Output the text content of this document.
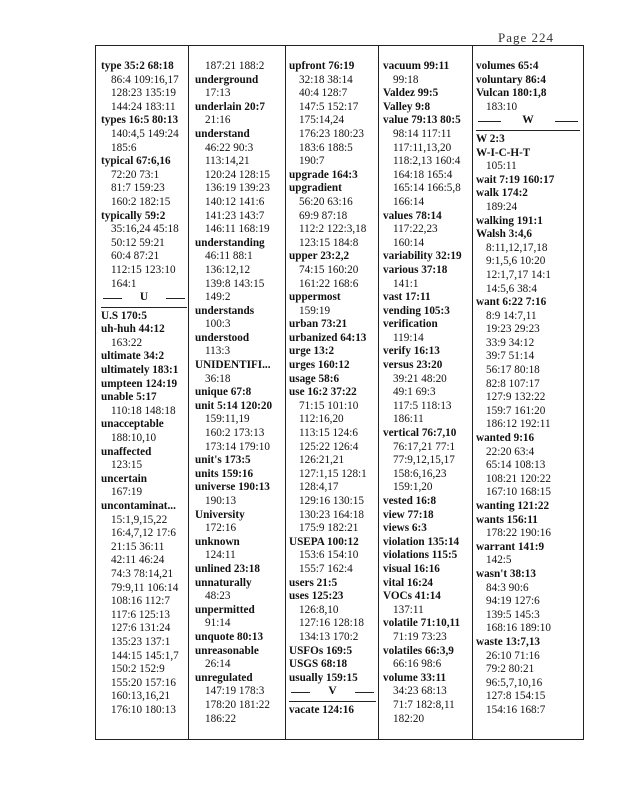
Page 224
type 35:2 68:18
86:4 109:16,17
128:23 135:19
144:24 183:11
types 16:5 80:13
140:4,5 149:24
185:6
typical 67:6,16
72:20 73:1
81:7 159:23
160:2 182:15
typically 59:2
35:16,24 45:18
50:12 59:21
60:4 87:21
112:15 123:10
164:1
U
U.S 170:5
uh-huh 44:12
163:22
ultimate 34:2
ultimately 183:1
umpteen 124:19
unable 5:17
110:18 148:18
unacceptable
188:10,10
unaffected
123:15
uncertain
167:19
uncontaminat...
15:1,9,15,22
16:4,7,12 17:6
21:15 36:11
42:11 46:24
74:3 78:14,21
79:9,11 106:14
108:16 112:7
117:6 125:13
127:6 131:24
135:23 137:1
144:15 145:1,7
150:2 152:9
155:20 157:16
160:13,16,21
176:10 180:13
187:21 188:2
underground
17:13
underlain 20:7
21:16
understand
46:22 90:3
113:14,21
120:24 128:15
136:19 139:23
140:12 141:6
141:23 143:7
146:11 168:19
understanding
46:11 88:1
136:12,12
139:8 143:15
149:2
understands
100:3
understood
113:3
UNIDENTIFI...
36:18
unique 67:8
unit 5:14 120:20
159:11,19
160:2 173:13
173:14 179:10
unit's 173:5
units 159:16
universe 190:13
190:13
University
172:16
unknown
124:11
unlined 23:18
unnaturally
48:23
unpermitted
91:14
unquote 80:13
unreasonable
26:14
unregulated
147:19 178:3
178:20 181:22
186:22
upfront 76:19
32:18 38:14
40:4 128:7
147:5 152:17
175:14,24
176:23 180:23
183:6 188:5
190:7
upgrade 164:3
upgradient
56:20 63:16
69:9 87:18
112:2 122:3,18
123:15 184:8
upper 23:2,2
74:15 160:20
161:22 168:6
uppermost
159:19
urban 73:21
urbanized 64:13
urge 13:2
urges 160:12
usage 58:6
use 16:2 37:22
71:15 101:10
112:16,20
113:15 124:6
125:22 126:4
126:21,21
127:1,15 128:1
128:4,17
129:16 130:15
130:23 164:18
175:9 182:21
USEPA 100:12
153:6 154:10
155:7 162:4
users 21:5
uses 125:23
126:8,10
127:16 128:18
134:13 170:2
USFOs 169:5
USGS 68:18
usually 159:15
V
vacate 124:16
vacuum 99:11
99:18
Valdez 99:5
Valley 9:8
value 79:13 80:5
98:14 117:11
117:11,13,20
118:2,13 160:4
164:18 165:4
165:14 166:5,8
166:14
values 78:14
117:22,23
160:14
variability 32:19
various 37:18
141:1
vast 17:11
vending 105:3
verification
119:14
verify 16:13
versus 23:20
39:21 48:20
49:1 69:3
117:5 118:13
186:11
vertical 76:7,10
76:17,21 77:1
77:9,12,15,17
158:6,16,23
159:1,20
vested 16:8
view 77:18
views 6:3
violation 135:14
violations 115:5
visual 16:16
vital 16:24
VOCs 41:14
137:11
volatile 71:10,11
71:19 73:23
volatiles 66:3,9
66:16 98:6
volume 33:11
34:23 68:13
71:7 182:8,11
182:20
volumes 65:4
voluntary 86:4
Vulcan 180:1,8
183:10
W
W 2:3
W-I-C-H-T
105:11
wait 7:19 160:17
walk 174:2
189:24
walking 191:1
Walsh 3:4,6
8:11,12,17,18
9:1,5,6 10:20
12:1,7,17 14:1
14:5,6 38:4
want 6:22 7:16
8:9 14:7,11
19:23 29:23
33:9 34:12
39:7 51:14
56:17 80:18
82:8 107:17
127:9 132:22
159:7 161:20
186:12 192:11
wanted 9:16
22:20 63:4
65:14 108:13
108:21 120:22
167:10 168:15
wanting 121:22
wants 156:11
178:22 190:16
warrant 141:9
142:5
wasn't 38:13
84:3 90:6
94:19 127:6
139:5 145:3
168:16 189:10
waste 13:7,13
26:10 71:16
79:2 80:21
96:5,7,10,16
127:8 154:15
154:16 168:7
